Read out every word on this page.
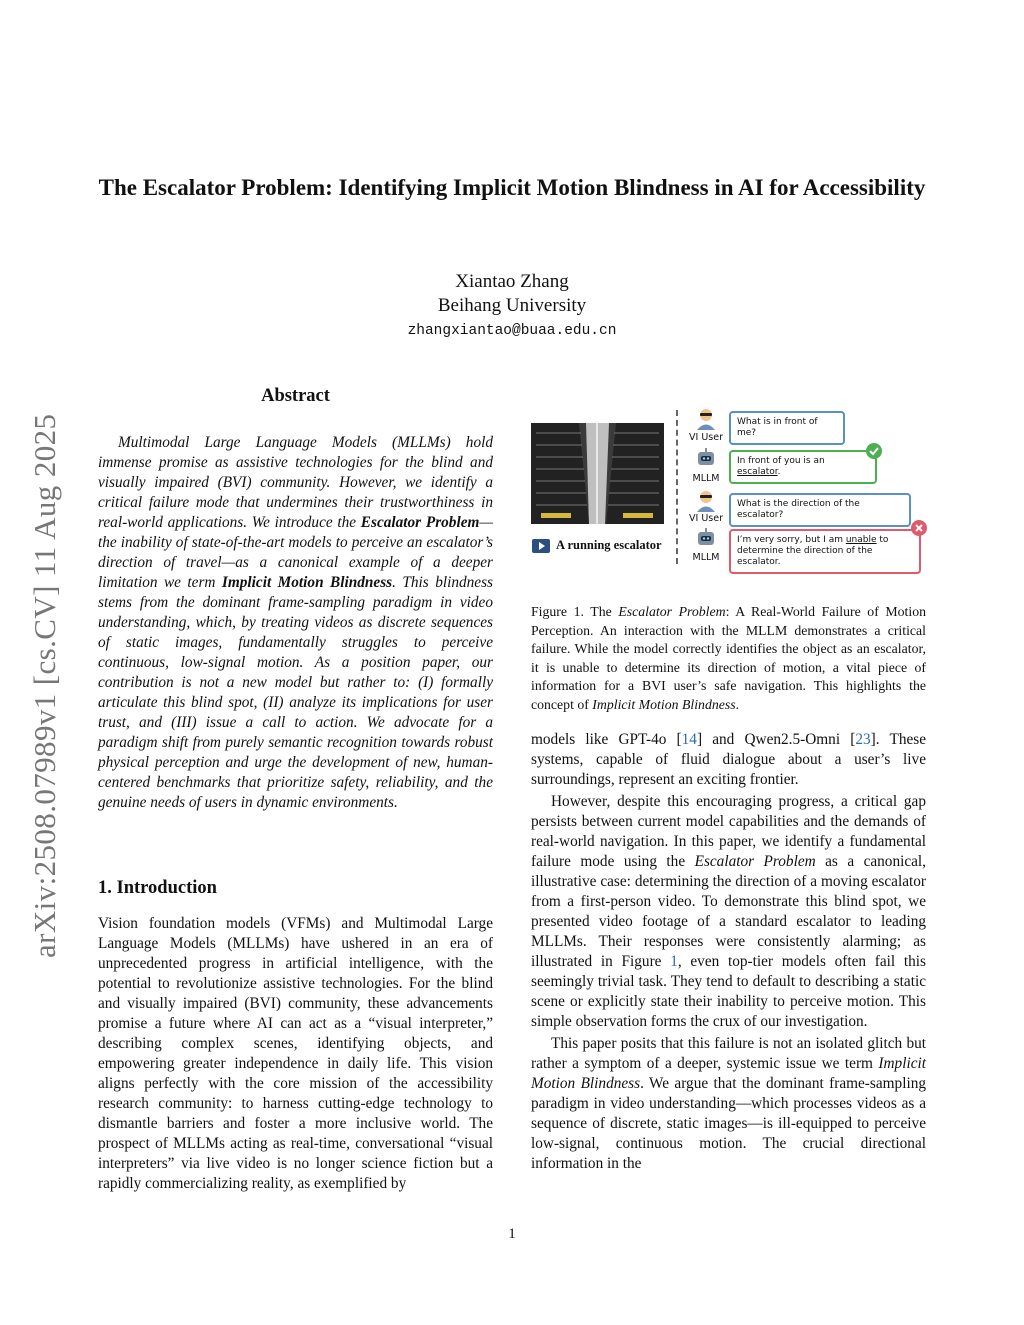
arXiv:2508.07989v1 [cs.CV] 11 Aug 2025
The Escalator Problem: Identifying Implicit Motion Blindness in AI for Accessibility
Xiantao Zhang
Beihang University
zhangxiantao@buaa.edu.cn
Abstract

Multimodal Large Language Models (MLLMs) hold immense promise as assistive technologies for the blind and visually impaired (BVI) community. However, we identify a critical failure mode that undermines their trustworthiness in real-world applications. We introduce the Escalator Problem—the inability of state-of-the-art models to perceive an escalator’s direction of travel—as a canonical example of a deeper limitation we term Implicit Motion Blindness. This blindness stems from the dominant frame-sampling paradigm in video understanding, which, by treating videos as discrete sequences of static images, fundamentally struggles to perceive continuous, low-signal motion. As a position paper, our contribution is not a new model but rather to: (I) formally articulate this blind spot, (II) analyze its implications for user trust, and (III) issue a call to action. We advocate for a paradigm shift from purely semantic recognition towards robust physical perception and urge the development of new, human-centered benchmarks that prioritize safety, reliability, and the genuine needs of users in dynamic environments.

1. Introduction

Vision foundation models (VFMs) and Multimodal Large Language Models (MLLMs) have ushered in an era of unprecedented progress in artificial intelligence, with the potential to revolutionize assistive technologies. For the blind and visually impaired (BVI) community, these advancements promise a future where AI can act as a “visual interpreter,” describing complex scenes, identifying objects, and empowering greater independence in daily life. This vision aligns perfectly with the core mission of the accessibility research community: to harness cutting-edge technology to dismantle barriers and foster a more inclusive world. The prospect of MLLMs acting as real-time, conversational “visual interpreters” via live video is no longer science fiction but a rapidly commercializing reality, as exemplified by

A running escalator
VI User
What is in front of me?
MLLM
In front of you is an escalator.
VI User
What is the direction of the escalator?
MLLM
I’m very sorry, but I am unable to determine the direction of the escalator.

Figure 1. The Escalator Problem: A Real-World Failure of Motion Perception. An interaction with the MLLM demonstrates a critical failure. While the model correctly identifies the object as an escalator, it is unable to determine its direction of motion, a vital piece of information for a BVI user’s safe navigation. This highlights the concept of Implicit Motion Blindness.

models like GPT-4o [14] and Qwen2.5-Omni [23]. These systems, capable of fluid dialogue about a user’s live surroundings, represent an exciting frontier.

However, despite this encouraging progress, a critical gap persists between current model capabilities and the demands of real-world navigation. In this paper, we identify a fundamental failure mode using the Escalator Problem as a canonical, illustrative case: determining the direction of a moving escalator from a first-person video. To demonstrate this blind spot, we presented video footage of a standard escalator to leading MLLMs. Their responses were consistently alarming; as illustrated in Figure 1, even top-tier models often fail this seemingly trivial task. They tend to default to describing a static scene or explicitly state their inability to perceive motion. This simple observation forms the crux of our investigation.

This paper posits that this failure is not an isolated glitch but rather a symptom of a deeper, systemic issue we term Implicit Motion Blindness. We argue that the dominant frame-sampling paradigm in video understanding—which processes videos as a sequence of discrete, static images—is ill-equipped to perceive low-signal, continuous motion. The crucial directional information in the

1
